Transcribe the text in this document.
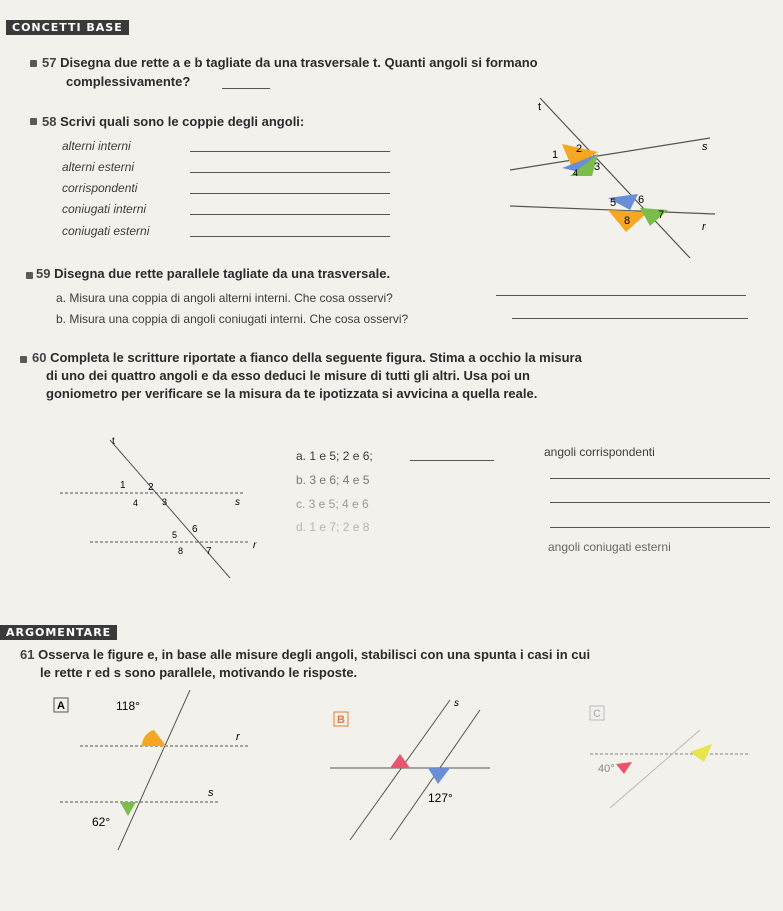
CONCETTI BASE
57 Disegna due rette a e b tagliate da una trasversale t. Quanti angoli si formano
complessivamente?
58 Scrivi quali sono le coppie degli angoli:
alterni interni
alterni esterni
corrispondenti
coniugati interni
coniugati esterni
t
s
r
1 2
3
4
5 6
7
8
59 Disegna due rette parallele tagliate da una trasversale.
a. Misura una coppia di angoli alterni interni. Che cosa osservi?
b. Misura una coppia di angoli coniugati interni. Che cosa osservi?
60 Completa le scritture riportate a fianco della seguente figura. Stima a occhio la misura
di uno dei quattro angoli e da esso deduci le misure di tutti gli altri. Usa poi un
goniometro per verificare se la misura da te ipotizzata si avvicina a quella reale.
t
s
r
1 2
3
4
5 6
7
8
a. 1 e 5; 2 e 6;
b. 3 e 6; 4 e 5
c. 3 e 5; 4 e 6
d. 1 e 7; 2 e 8
angoli corrispondenti
angoli coniugati esterni
ARGOMENTARE
61 Osserva le figure e, in base alle misure degli angoli, stabilisci con una spunta i casi in cui
le rette r ed s sono parallele, motivando le risposte.
A	118°
r
s
62°
B
s
127°
C
40°
